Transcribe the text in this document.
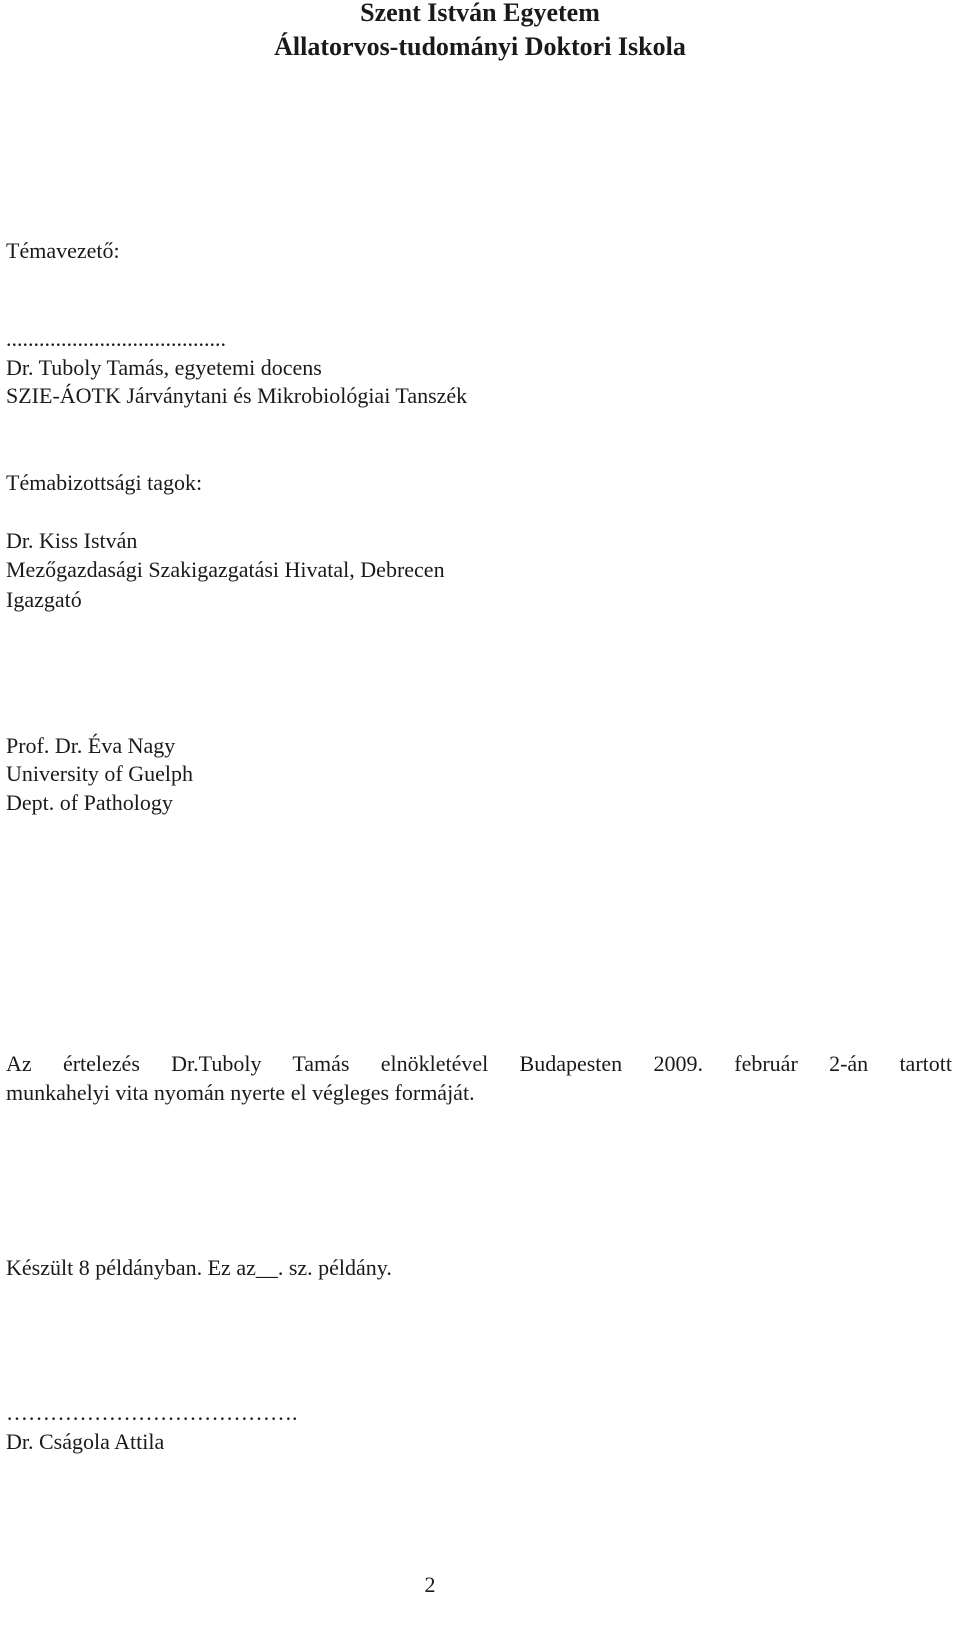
Szent István Egyetem

Állatorvos-tudományi Doktori Iskola

Témavezető:

........................................

Dr. Tuboly Tamás, egyetemi docens

SZIE-ÁOTK Járványtani és Mikrobiológiai Tanszék

Témabizottsági tagok:

Dr. Kiss István

Mezőgazdasági Szakigazgatási Hivatal, Debrecen

Igazgató

Prof. Dr. Éva Nagy

University of Guelph

Dept. of Pathology

Az értelezés Dr.Tuboly Tamás elnökletével Budapesten 2009. február 2-án tartott

munkahelyi vita nyomán nyerte el végleges formáját.

Készült 8 példányban. Ez az__. sz. példány.

………………………………….

Dr. Cságola Attila

2
